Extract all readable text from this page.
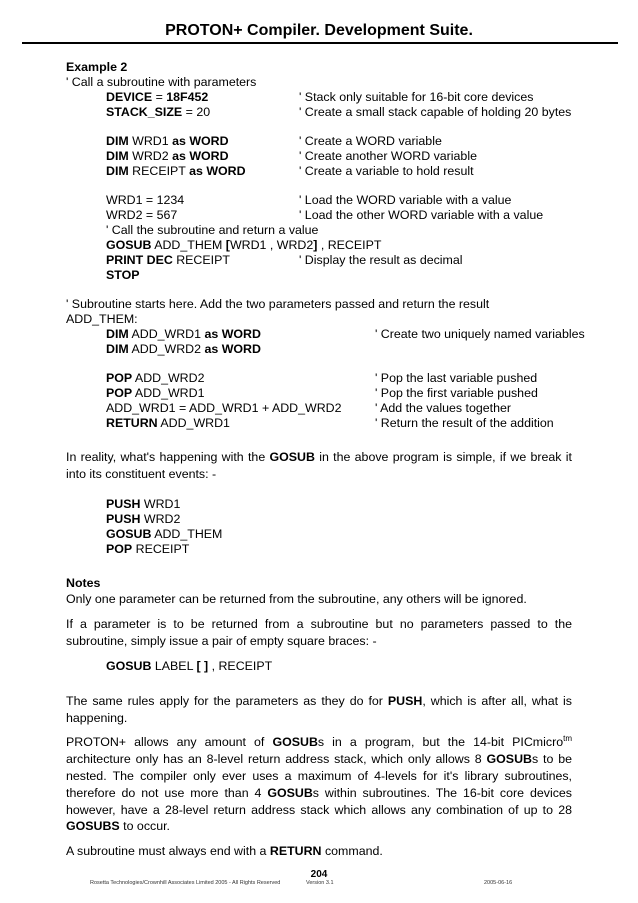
PROTON+ Compiler. Development Suite.
Example 2
' Call a subroutine with parameters
DEVICE = 18F452	' Stack only suitable for 16-bit core devices
STACK_SIZE = 20	' Create a small stack capable of holding 20 bytes
DIM WRD1 as WORD	' Create a WORD variable
DIM WRD2 as WORD	' Create another WORD variable
DIM RECEIPT as WORD	' Create a variable to hold result
WRD1 = 1234	' Load the WORD variable with a value
WRD2 = 567	' Load the other WORD variable with a value
' Call the subroutine and return a value
GOSUB ADD_THEM [WRD1 , WRD2] , RECEIPT
PRINT DEC RECEIPT	' Display the result as decimal
STOP
' Subroutine starts here. Add the two parameters passed and return the result
ADD_THEM:
DIM ADD_WRD1 as WORD	' Create two uniquely named variables
DIM ADD_WRD2 as WORD
POP ADD_WRD2	' Pop the last variable pushed
POP ADD_WRD1	' Pop the first variable pushed
ADD_WRD1 = ADD_WRD1 + ADD_WRD2	' Add the values together
RETURN ADD_WRD1	' Return the result of the addition

In reality, what's happening with the GOSUB in the above program is simple, if we break it into its constituent events: -

PUSH WRD1
PUSH WRD2
GOSUB ADD_THEM
POP RECEIPT

Notes

Only one parameter can be returned from the subroutine, any others will be ignored.

If a parameter is to be returned from a subroutine but no parameters passed to the subroutine, simply issue a pair of empty square braces: -

GOSUB LABEL [ ] , RECEIPT

The same rules apply for the parameters as they do for PUSH, which is after all, what is happening.

PROTON+ allows any amount of GOSUBs in a program, but the 14-bit PICmicro$^{tm}$ architecture only has an 8-level return address stack, which only allows 8 GOSUBs to be nested. The compiler only ever uses a maximum of 4-levels for it's library subroutines, therefore do not use more than 4 GOSUBs within subroutines. The 16-bit core devices however, have a 28-level return address stack which allows any combination of up to 28 GOSUBS to occur.

A subroutine must always end with a RETURN command.

204
Rosetta Technologies/Crownhill Associates Limited 2005 - All Rights Reserved	Version 3.1	2005-06-16
